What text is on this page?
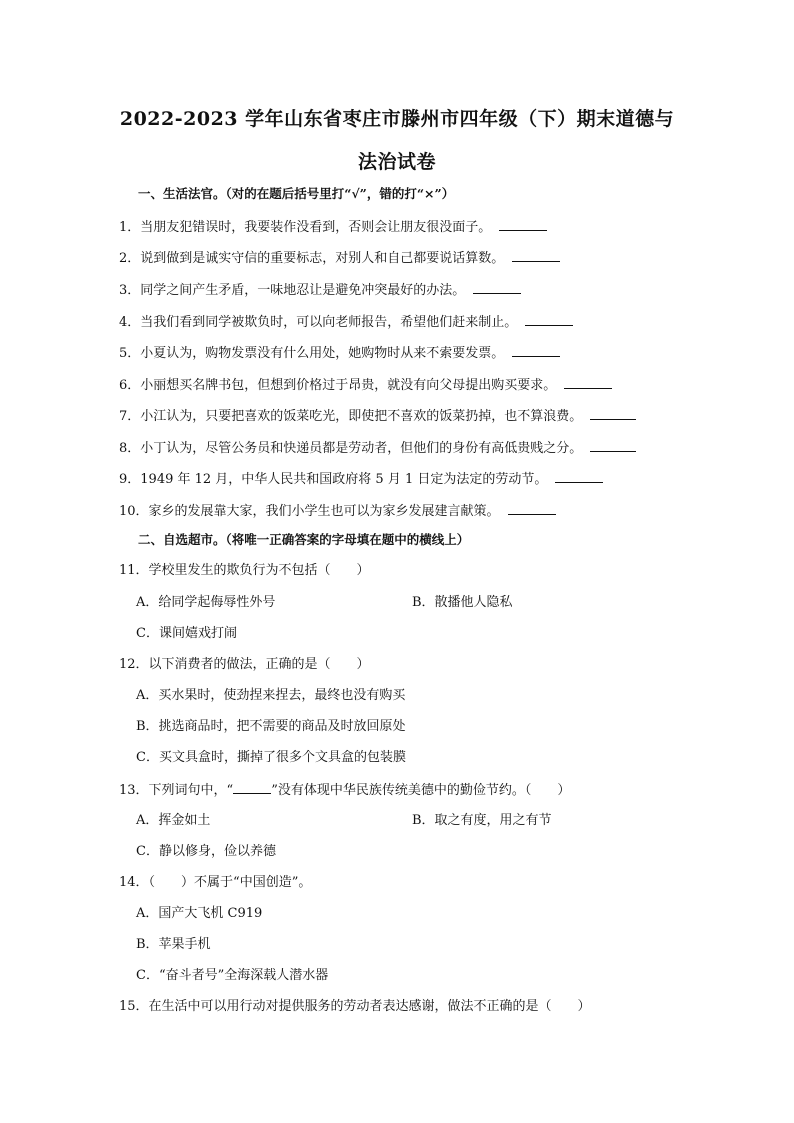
2022-2023 学年山东省枣庄市滕州市四年级（下）期末道德与
法治试卷
一、生活法官。（对的在题后括号里打“√”，错的打“×”）
1．当朋友犯错误时，我要装作没看到，否则会让朋友很没面子。
2．说到做到是诚实守信的重要标志，对别人和自己都要说话算数。
3．同学之间产生矛盾，一味地忍让是避免冲突最好的办法。
4．当我们看到同学被欺负时，可以向老师报告，希望他们赶来制止。
5．小夏认为，购物发票没有什么用处，她购物时从来不索要发票。
6．小丽想买名牌书包，但想到价格过于昂贵，就没有向父母提出购买要求。
7．小江认为，只要把喜欢的饭菜吃光，即使把不喜欢的饭菜扔掉，也不算浪费。
8．小丁认为，尽管公务员和快递员都是劳动者，但他们的身份有高低贵贱之分。
9．1949 年 12 月，中华人民共和国政府将 5 月 1 日定为法定的劳动节。
10．家乡的发展靠大家，我们小学生也可以为家乡发展建言献策。
二、自选超市。（将唯一正确答案的字母填在题中的横线上）
11．学校里发生的欺负行为不包括（　　）
A．给同学起侮辱性外号	B．散播他人隐私
C．课间嬉戏打闹
12．以下消费者的做法，正确的是（　　）
A．买水果时，使劲捏来捏去，最终也没有购买
B．挑选商品时，把不需要的商品及时放回原处
C．买文具盒时，撕掉了很多个文具盒的包装膜
13．下列词句中，“	”没有体现中华民族传统美德中的勤俭节约。（　　）
A．挥金如土	B．取之有度，用之有节
C．静以修身，俭以养德
14．（　　）不属于“中国创造”。
A．国产大飞机 C919
B．苹果手机
C．“奋斗者号”全海深载人潜水器
15．在生活中可以用行动对提供服务的劳动者表达感谢，做法不正确的是（　　）
